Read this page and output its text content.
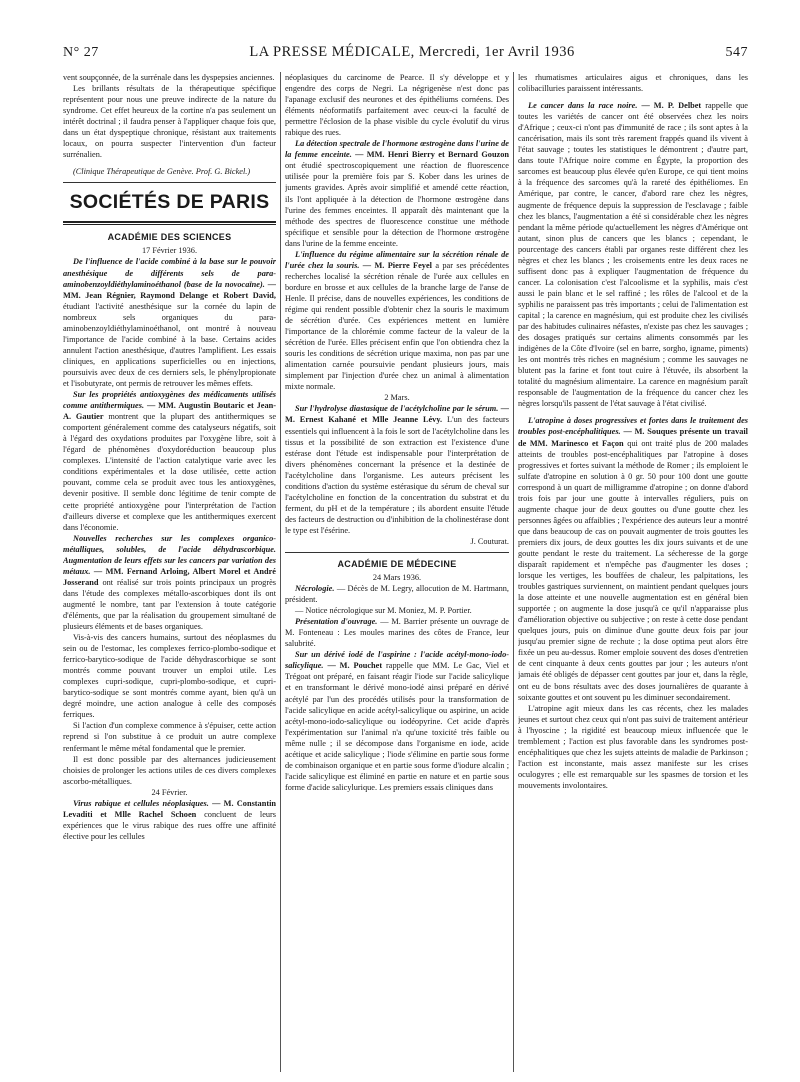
N° 27	LA PRESSE MÉDICALE, Mercredi, 1er Avril 1936	547

vent soupçonnée, de la surrénale dans les dyspepsies anciennes.

Les brillants résultats de la thérapeutique spécifique représentent pour nous une preuve indirecte de la nature du syndrome. Cet effet heureux de la cortine n'a pas seulement un intérêt doctrinal ; il faudra penser à l'appliquer chaque fois que, dans un état dyspeptique chronique, résistant aux traitements locaux, on pourra suspecter l'intervention d'un facteur surrénalien.

(Clinique Thérapeutique de Genève. Prof. G. Bickel.)

SOCIÉTÉS DE PARIS
ACADÉMIE DES SCIENCES

17 Février 1936.

De l'influence de l'acide combiné à la base sur le pouvoir anesthésique de différents sels de para-aminobenzoyldiéthylaminoéthanol (base de la novocaïne). — MM. Jean Régnier, Raymond Delange et Robert David, étudiant l'activité anesthésique sur la cornée du lapin de nombreux sels organiques du para-aminobenzoyldiéthylaminoéthanol, ont montré à nouveau l'importance de l'acide combiné à la base. Certains acides annulent l'action anesthésique, d'autres l'amplifient. Les essais cliniques, en applications superficielles ou en injections, poursuivis avec deux de ces derniers sels, le phénylpropionate et l'isobutyrate, ont permis de retrouver les mêmes effets.

Sur les propriétés antioxygènes des médicaments utilisés comme antithermiques. — MM. Augustin Boutaric et Jean-A. Gautier montrent que la plupart des antithermiques se comportent généralement comme des catalyseurs négatifs, soit à l'égard des oxydations produites par l'oxygène libre, soit à l'égard de phénomènes d'oxydoréduction beaucoup plus complexes. L'intensité de l'action catalytique varie avec les conditions expérimentales et la dose utilisée, cette action pouvant, comme cela se produit avec tous les antioxygènes, devenir positive. Il semble donc légitime de tenir compte de cette propriété antioxygène pour l'interprétation de l'action d'ailleurs diverse et complexe que les antithermiques exercent dans l'économie.

Nouvelles recherches sur les complexes organico-métalliques, solubles, de l'acide déhydrascorbique. Augmentation de leurs effets sur les cancers par variation des métaux. — MM. Fernand Arloing, Albert Morel et André Josserand ont réalisé sur trois points principaux un progrès dans l'étude des complexes métallo-ascorbiques dont ils ont augmenté le nombre, tant par l'extension à toute catégorie d'éléments, que par la réalisation du groupement simultané de plusieurs éléments et de bases organiques.

Vis-à-vis des cancers humains, surtout des néoplasmes du sein ou de l'estomac, les complexes ferrico-plombo-sodique et ferrico-barytico-sodique de l'acide déhydrascorbique se sont montrés comme pouvant trouver un emploi utile. Les complexes cupri-sodique, cupri-plombo-sodique, et cupri-barytico-sodique se sont montrés comme ayant, bien qu'à un degré moindre, une action analogue à celle des composés ferriques.

Si l'action d'un complexe commence à s'épuiser, cette action reprend si l'on substitue à ce produit un autre complexe renfermant le même métal fondamental que le premier.

Il est donc possible par des alternances judicieusement choisies de prolonger les actions utiles de ces divers complexes ascorbo-métalliques.

24 Février.

Virus rabique et cellules néoplasiques. — M. Constantin Levaditi et Mlle Rachel Schoen concluent de leurs expériences que le virus rabique des rues offre une affinité élective pour les cellules

néoplasiques du carcinome de Pearce. Il s'y développe et y engendre des corps de Negri. La négrigenèse n'est donc pas l'apanage exclusif des neurones et des épithéliums cornéens. Des éléments néoformatifs parfaitement avec ceux-ci la faculté de permettre l'éclosion de la phase visible du cycle évolutif du virus rabique des rues.

La détection spectrale de l'hormone œstrogène dans l'urine de la femme enceinte. — MM. Henri Bierry et Bernard Gouzon ont étudié spectroscopiquement une réaction de fluorescence utilisée pour la première fois par S. Kober dans les urines de juments gravides. Après avoir simplifié et amendé cette réaction, ils l'ont appliquée à la détection de l'hormone œstrogène dans l'urine des femmes enceintes. Il apparaît dès maintenant que la méthode des spectres de fluorescence constitue une méthode spécifique et sensible pour la détection de l'hormone œstrogène dans l'urine de la femme enceinte.

L'influence du régime alimentaire sur la sécrétion rénale de l'urée chez la souris. — M. Pierre Feyel a par ses précédentes recherches localisé la sécrétion rénale de l'urée aux cellules en bordure en brosse et aux cellules de la branche large de l'anse de Henle. Il précise, dans de nouvelles expériences, les conditions de régime qui rendent possible d'obtenir chez la souris le maximum de sécrétion d'urée. Ces expériences mettent en lumière l'importance de la chlorémie comme facteur de la valeur de la sécrétion de l'urée. Elles précisent enfin que l'on obtiendra chez la souris les conditions de sécrétion urique maxima, non pas par une alimentation carnée poursuivie pendant plusieurs jours, mais simplement par l'injection d'urée chez un animal à alimentation mixte normale.

2 Mars.

Sur l'hydrolyse diastasique de l'acétylcholine par le sérum. — M. Ernest Kahané et Mlle Jeanne Lévy. L'un des facteurs essentiels qui influencent à la fois le sort de l'acétylcholine dans les tissus et la possibilité de son extraction est l'existence d'une estérase dont l'étude est indispensable pour l'interprétation de divers phénomènes concernant la présence et la destinée de l'acétylcholine dans l'organisme. Les auteurs précisent les conditions d'action du système estérasique du sérum de cheval sur l'acétylcholine en fonction de la concentration du substrat et du ferment, du pH et de la température ; ils abordent ensuite l'étude des facteurs de destruction ou d'inhibition de la cholinestérase dont le type est l'ésérine.

J. Couturat.

ACADÉMIE DE MÉDECINE

24 Mars 1936.

Nécrologie. — Décès de M. Legry, allocution de M. Hartmann, président.

— Notice nécrologique sur M. Moniez, M. P. Portier.

Présentation d'ouvrage. — M. Barrier présente un ouvrage de M. Fonteneau : Les moules marines des côtes de France, leur salubrité.

Sur un dérivé iodé de l'aspirine : l'acide acétyl-mono-iodo-salicylique. — M. Pouchet rappelle que MM. Le Gac, Viel et Trégoat ont préparé, en faisant réagir l'iode sur l'acide salicylique et en transformant le dérivé mono-iodé ainsi préparé en dérivé acétylé par l'un des procédés utilisés pour la transformation de l'acide salicylique en acide acétyl-salicylique ou aspirine, un acide acétyl-mono-iodo-salicylique ou iodéopyrine. Cet acide d'après l'expérimentation sur l'animal n'a qu'une toxicité très faible ou même nulle ; il se décompose dans l'organisme en iode, acide acétique et acide salicylique ; l'iode s'élimine en partie sous forme de combinaison organique et en partie sous forme d'iodure alcalin ; l'acide salicylique est éliminé en partie en nature et en partie sous forme d'acide salicylurique. Les premiers essais cliniques dans

les rhumatismes articulaires aigus et chroniques, dans les colibacilluries paraissent intéressants.

Le cancer dans la race noire. — M. P. Delbet rappelle que toutes les variétés de cancer ont été observées chez les noirs d'Afrique ; ceux-ci n'ont pas d'immunité de race ; ils sont aptes à la cancérisation, mais ils sont très rarement frappés quand ils vivent à l'état sauvage ; toutes les statistiques le démontrent ; d'autre part, dans toute l'Afrique noire comme en Égypte, la proportion des sarcomes est beaucoup plus élevée qu'en Europe, ce qui tient moins à la fréquence des sarcomes qu'à la rareté des épithéliomes. En Amérique, par contre, le cancer, d'abord rare chez les nègres, augmente de fréquence depuis la suppression de l'esclavage ; faible chez les blancs, l'augmentation a été si considérable chez les nègres pendant la même période qu'actuellement les nègres d'Amérique ont autant, sinon plus de cancers que les blancs ; cependant, le pourcentage des cancers établi par organes reste différent chez les nègres et chez les blancs ; les croisements entre les deux races ne suffisent donc pas à expliquer l'augmentation de fréquence du cancer. La colonisation c'est l'alcoolisme et la syphilis, mais c'est aussi le pain blanc et le sel raffiné ; les rôles de l'alcool et de la syphilis ne paraissent pas très importants ; celui de l'alimentation est capital ; la carence en magnésium, qui est produite chez les civilisés par des habitudes culinaires néfastes, n'existe pas chez les sauvages ; des dosages pratiqués sur certains aliments consommés par les indigènes de la Côte d'Ivoire (sel en barre, sorgho, igname, piments) les ont montrés très riches en magnésium ; comme les sauvages ne blutent pas la farine et font tout cuire à l'étuvée, ils absorbent la totalité du magnésium alimentaire. La carence en magnésium paraît responsable de l'augmentation de la fréquence du cancer chez les nègres lorsqu'ils passent de l'état sauvage à l'état civilisé.

L'atropine à doses progressives et fortes dans le traitement des troubles post-encéphalitiques. — M. Souques présente un travail de MM. Marinesco et Façon qui ont traité plus de 200 malades atteints de troubles post-encéphalitiques par l'atropine à doses progressives et fortes suivant la méthode de Romer ; ils emploient le sulfate d'atropine en solution à 0 gr. 50 pour 100 dont une goutte correspond à un quart de milligramme d'atropine ; on donne d'abord trois fois par jour une goutte à intervalles réguliers, puis on augmente chaque jour de deux gouttes ou d'une goutte chez les personnes âgées ou affaiblies ; l'expérience des auteurs leur a montré que dans beaucoup de cas on pouvait augmenter de trois gouttes les premiers dix jours, de deux gouttes les dix jours suivants et de une goutte pendant le reste du traitement. La sécheresse de la gorge disparaît rapidement et n'empêche pas d'augmenter les doses ; lorsque les vertiges, les bouffées de chaleur, les palpitations, les troubles gastriques surviennent, on maintient pendant quelques jours la dose atteinte et une nouvelle augmentation est en général bien supportée ; on augmente la dose jusqu'à ce qu'il n'apparaisse plus d'amélioration objective ou subjective ; on reste à cette dose pendant quelques jours, puis on diminue d'une goutte deux fois par jour jusqu'au premier signe de rechute ; la dose optima peut alors être fixée un peu au-dessus. Romer emploie souvent des doses d'entretien de cent cinquante à deux cents gouttes par jour ; les auteurs n'ont jamais été obligés de dépasser cent gouttes par jour et, dans la règle, ont eu de bons résultats avec des doses journalières de quarante à soixante gouttes et ont souvent pu les diminuer secondairement.

L'atropine agit mieux dans les cas récents, chez les malades jeunes et surtout chez ceux qui n'ont pas suivi de traitement antérieur à l'hyoscine ; la rigidité est beaucoup mieux influencée que le tremblement ; l'action est plus favorable dans les syndromes post-encéphalitiques que chez les sujets atteints de maladie de Parkinson ; l'action est inconstante, mais assez manifeste sur les crises oculogyres ; elle est remarquable sur les spasmes de torsion et les mouvements involontaires.
